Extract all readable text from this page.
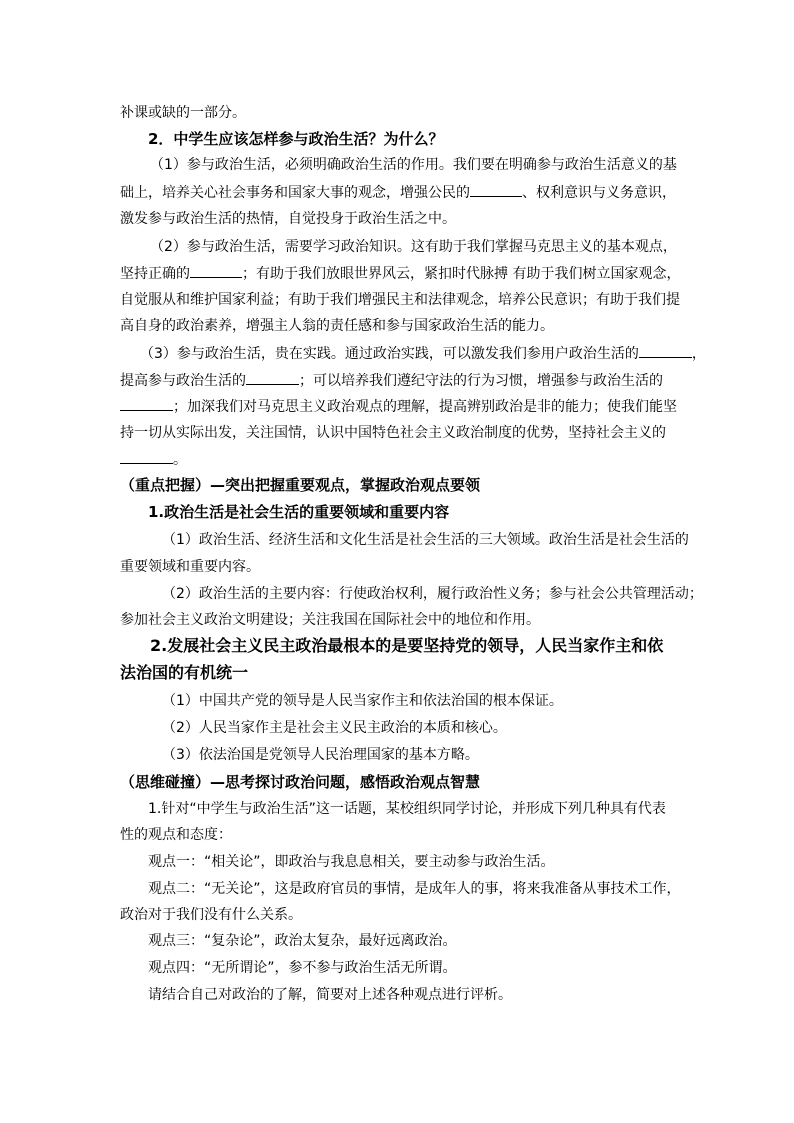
补课或缺的一部分。
2．中学生应该怎样参与政治生活？为什么？
（1）参与政治生活，必须明确政治生活的作用。我们要在明确参与政治生活意义的基
础上，培养关心社会事务和国家大事的观念，增强公民的	、权利意识与义务意识，
激发参与政治生活的热情，自觉投身于政治生活之中。
（2）参与政治生活，需要学习政治知识。这有助于我们掌握马克思主义的基本观点，
坚持正确的	；有助于我们放眼世界风云，紧扣时代脉搏 有助于我们树立国家观念，
自觉服从和维护国家利益；有助于我们增强民主和法律观念，培养公民意识；有助于我们提
高自身的政治素养，增强主人翁的责任感和参与国家政治生活的能力。
（3）参与政治生活，贵在实践。通过政治实践，可以激发我们参用户政治生活的	，
提高参与政治生活的	；可以培养我们遵纪守法的行为习惯，增强参与政治生活的
；加深我们对马克思主义政治观点的理解，提高辨别政治是非的能力；使我们能坚
持一切从实际出发，关注国情，认识中国特色社会主义政治制度的优势，坚持社会主义的
。
（重点把握）—突出把握重要观点，掌握政治观点要领
1.政治生活是社会生活的重要领域和重要内容
（1）政治生活、经济生活和文化生活是社会生活的三大领域。政治生活是社会生活的
重要领域和重要内容。
（2）政治生活的主要内容：行使政治权利，履行政治性义务；参与社会公共管理活动；
参加社会主义政治文明建设；关注我国在国际社会中的地位和作用。
2.发展社会主义民主政治最根本的是要坚持党的领导，人民当家作主和依
法治国的有机统一
（1）中国共产党的领导是人民当家作主和依法治国的根本保证。
（2）人民当家作主是社会主义民主政治的本质和核心。
（3）依法治国是党领导人民治理国家的基本方略。
（思维碰撞）—思考探讨政治问题，感悟政治观点智慧
1.针对“中学生与政治生活”这一话题，某校组织同学讨论，并形成下列几种具有代表
性的观点和态度：
观点一：“相关论”，即政治与我息息相关，要主动参与政治生活。
观点二：“无关论”，这是政府官员的事情，是成年人的事，将来我准备从事技术工作，
政治对于我们没有什么关系。
观点三：“复杂论”，政治太复杂，最好远离政治。
观点四：“无所谓论”，参不参与政治生活无所谓。
请结合自己对政治的了解，简要对上述各种观点进行评析。
